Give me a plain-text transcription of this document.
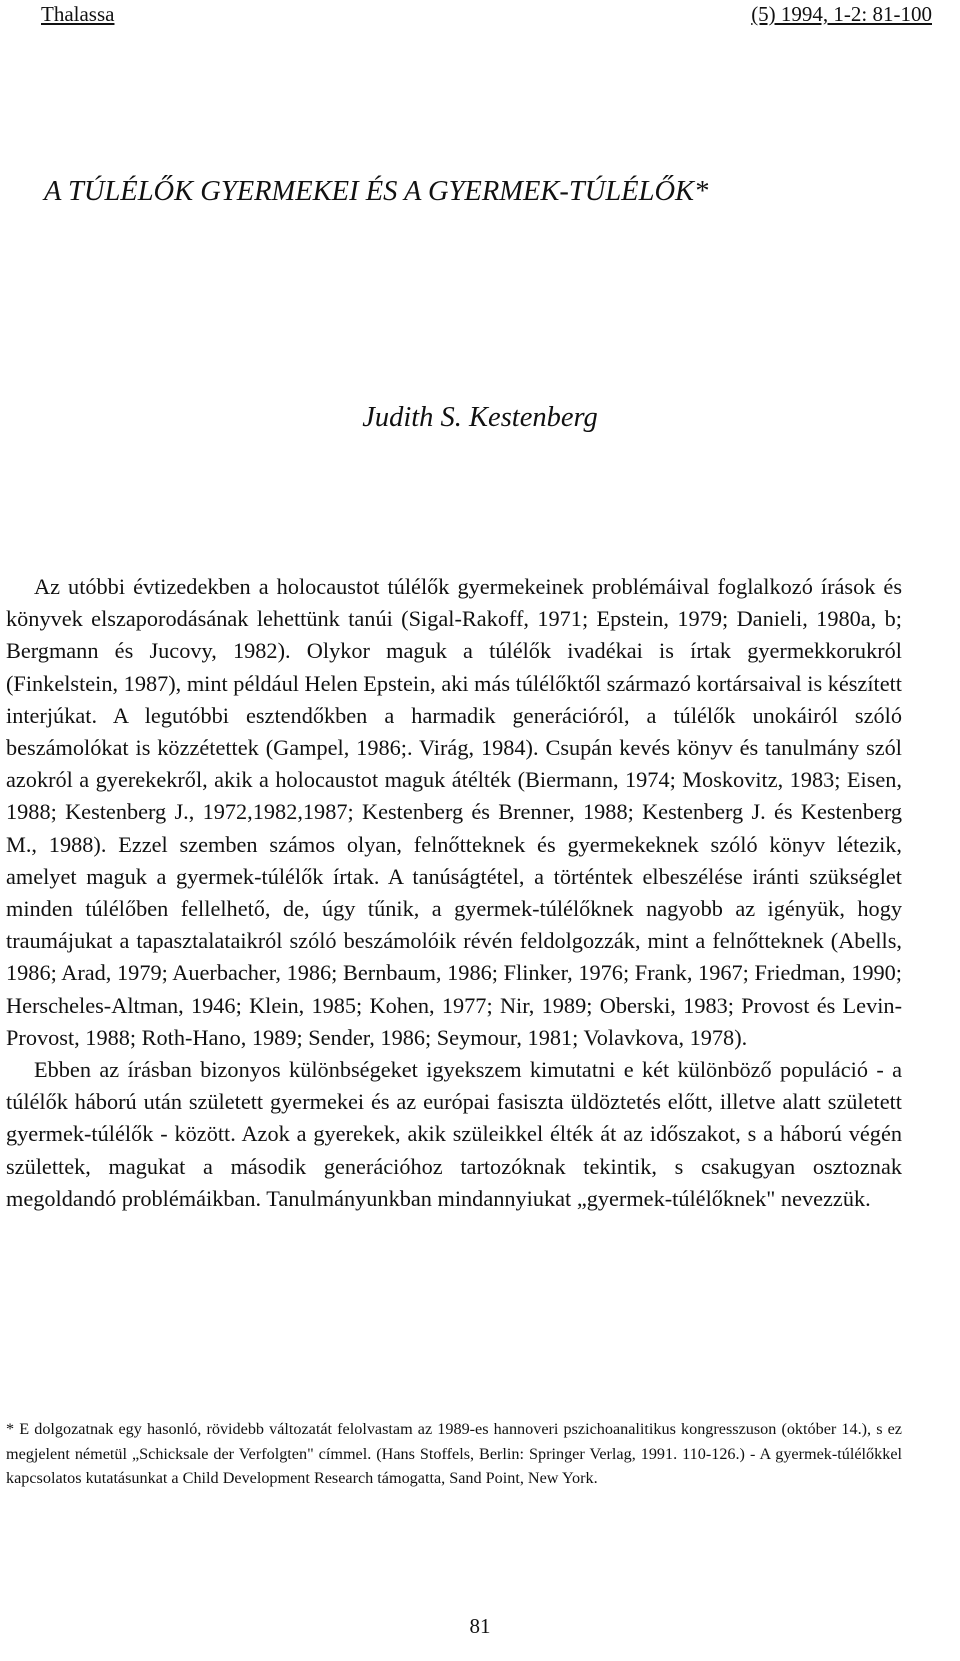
Thalassa	(5) 1994, 1-2: 81-100
A TÚLÉLŐK GYERMEKEI ÉS A GYERMEK-TÚLÉLŐK*
Judith S. Kestenberg

Az utóbbi évtizedekben a holocaustot túlélők gyermekeinek problémáival foglalkozó írások és könyvek elszaporodásának lehettünk tanúi (Sigal-Rakoff, 1971; Epstein, 1979; Danieli, 1980a, b; Bergmann és Jucovy, 1982). Olykor maguk a túlélők ivadékai is írtak gyermekkorukról (Finkelstein, 1987), mint például Helen Epstein, aki más túlélőktől származó kortársaival is készített interjúkat. A legutóbbi esztendőkben a harmadik generációról, a túlélők unokáiról szóló beszámolókat is közzétettek (Gampel, 1986;. Virág, 1984). Csupán kevés könyv és tanulmány szól azokról a gyerekekről, akik a holocaustot maguk átélték (Biermann, 1974; Moskovitz, 1983; Eisen, 1988; Kestenberg J., 1972,1982,1987; Kestenberg és Brenner, 1988; Kestenberg J. és Kestenberg M., 1988). Ezzel szemben számos olyan, felnőtteknek és gyermekeknek szóló könyv létezik, amelyet maguk a gyermek-túlélők írtak. A tanúságtétel, a történtek elbeszélése iránti szükséglet minden túlélőben fellelhető, de, úgy tűnik, a gyermek-túlélőknek nagyobb az igényük, hogy traumájukat a tapasztalataikról szóló beszámolóik révén feldolgozzák, mint a felnőtteknek (Abells, 1986; Arad, 1979; Auerbacher, 1986; Bernbaum, 1986; Flinker, 1976; Frank, 1967; Friedman, 1990; Herscheles-Altman, 1946; Klein, 1985; Kohen, 1977; Nir, 1989; Oberski, 1983; Provost és Levin-Provost, 1988; Roth-Hano, 1989; Sender, 1986; Seymour, 1981; Volavkova, 1978).

Ebben az írásban bizonyos különbségeket igyekszem kimutatni e két különböző populáció - a túlélők háború után született gyermekei és az európai fasiszta üldöztetés előtt, illetve alatt született gyermek-túlélők - között. Azok a gyerekek, akik szüleikkel élték át az időszakot, s a háború végén születtek, magukat a második generációhoz tartozóknak tekintik, s csakugyan osztoznak megoldandó problémáikban. Tanulmányunkban mindannyiukat „gyermek-túlélőknek" nevezzük.

* E dolgozatnak egy hasonló, rövidebb változatát felolvastam az 1989-es hannoveri pszichoanalitikus kongresszuson (október 14.), s ez megjelent németül „Schicksale der Verfolgten" címmel. (Hans Stoffels, Berlin: Springer Verlag, 1991. 110-126.) - A gyermek-túlélőkkel kapcsolatos kutatásunkat a Child Development Research támogatta, Sand Point, New York.
81
